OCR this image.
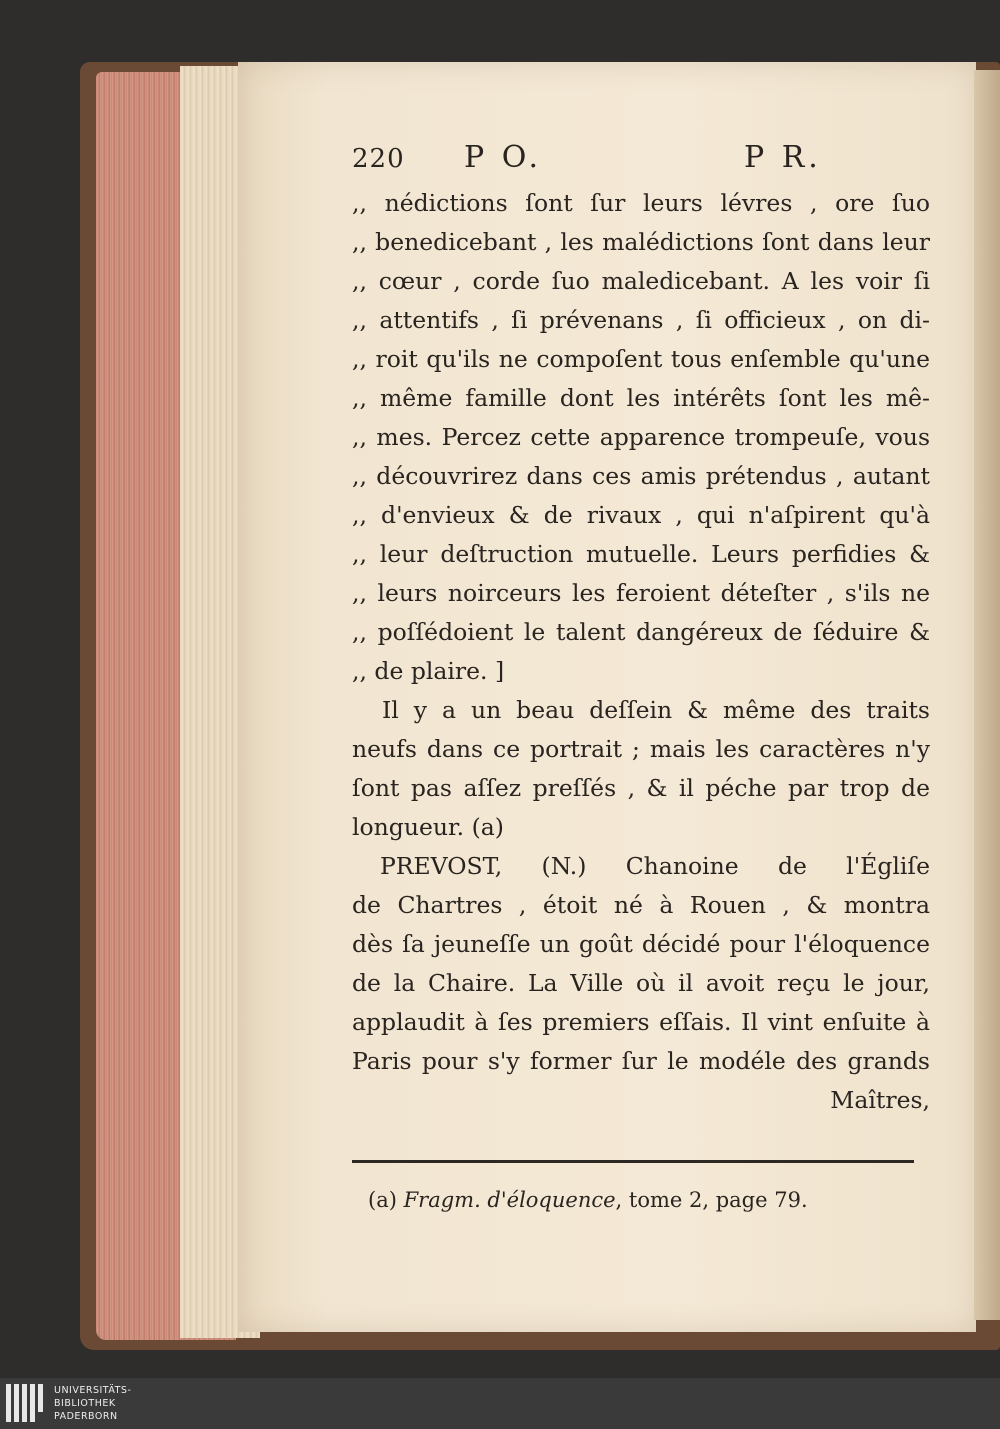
220 P O.	P R.
,, nédictions ſont ſur leurs lévres , ore ſuo
,, benedicebant , les malédictions ſont dans leur
,, cœur , corde ſuo maledicebant. A les voir ſi
,, attentifs , ſi prévenans , ſi officieux , on di-
,, roit qu'ils ne compoſent tous enſemble qu'une
,, même famille dont les intérêts ſont les mê-
,, mes. Percez cette apparence trompeuſe, vous
,, découvrirez dans ces amis prétendus , autant
,, d'envieux & de rivaux , qui n'aſpirent qu'à
,, leur deſtruction mutuelle. Leurs perfidies &
,, leurs noirceurs les feroient déteſter , s'ils ne
,, poſſédoient le talent dangéreux de ſéduire &
,, de plaire. ]
Il y a un beau deſſein & même des traits
neufs dans ce portrait ; mais les caractères n'y
ſont pas aſſez preſſés , & il péche par trop de
longueur. (a)
PREVOST, (N.) Chanoine de l'Égliſe
de Chartres , étoit né à Rouen , & montra
dès ſa jeuneſſe un goût décidé pour l'éloquence
de la Chaire. La Ville où il avoit reçu le jour,
applaudit à ſes premiers eſſais. Il vint enſuite à
Paris pour s'y former ſur le modéle des grands
Maîtres,
(a) Fragm. d'éloquence, tome 2, page 79.
UNIVERSITÄTS-
BIBLIOTHEK
PADERBORN
